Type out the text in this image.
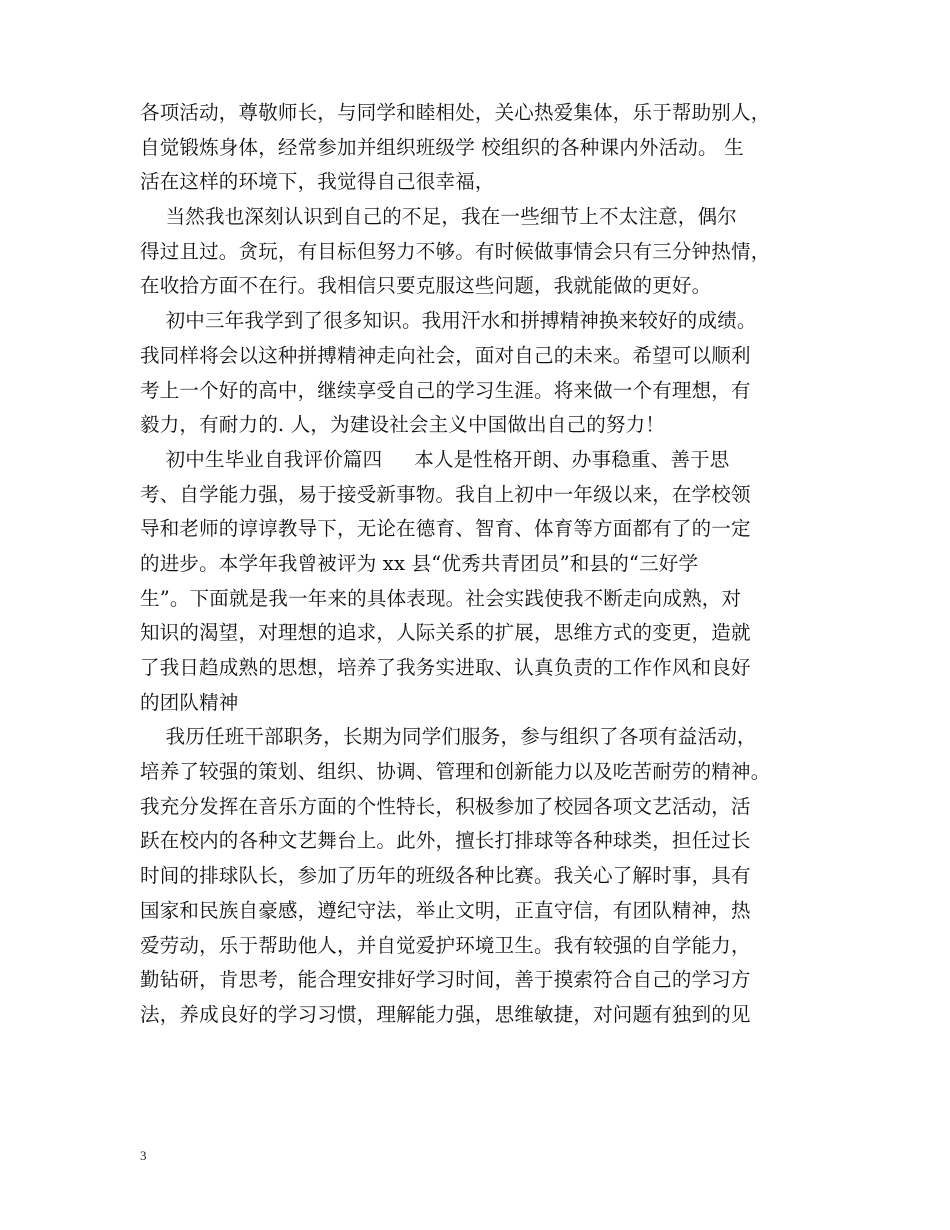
各项活动，尊敬师长，与同学和睦相处，关心热爱集体，乐于帮助别人，
自觉锻炼身体，经常参加并组织班级学 校组织的各种课内外活动。 生
活在这样的环境下，我觉得自己很幸福，
当然我也深刻认识到自己的不足，我在一些细节上不太注意，偶尔
得过且过。贪玩，有目标但努力不够。有时候做事情会只有三分钟热情，
在收拾方面不在行。我相信只要克服这些问题，我就能做的更好。
初中三年我学到了很多知识。我用汗水和拼搏精神换来较好的成绩。
我同样将会以这种拼搏精神走向社会，面对自己的未来。希望可以顺利
考上一个好的高中，继续享受自己的学习生涯。将来做一个有理想，有
毅力，有耐力的. 人，为建设社会主义中国做出自己的努力！
初中生毕业自我评价篇四     本人是性格开朗、办事稳重、善于思
考、自学能力强，易于接受新事物。我自上初中一年级以来，在学校领
导和老师的谆谆教导下，无论在德育、智育、体育等方面都有了的一定
的进步。本学年我曾被评为 xx 县“优秀共青团员”和县的“三好学
生”。下面就是我一年来的具体表现。社会实践使我不断走向成熟，对
知识的渴望，对理想的追求，人际关系的扩展，思维方式的变更，造就
了我日趋成熟的思想，培养了我务实进取、认真负责的工作作风和良好
的团队精神
我历任班干部职务，长期为同学们服务，参与组织了各项有益活动，
培养了较强的策划、组织、协调、管理和创新能力以及吃苦耐劳的精神。
我充分发挥在音乐方面的个性特长，积极参加了校园各项文艺活动，活
跃在校内的各种文艺舞台上。此外，擅长打排球等各种球类，担任过长
时间的排球队长，参加了历年的班级各种比赛。我关心了解时事，具有
国家和民族自豪感，遵纪守法，举止文明，正直守信，有团队精神，热
爱劳动，乐于帮助他人，并自觉爱护环境卫生。我有较强的自学能力，
勤钻研，肯思考，能合理安排好学习时间，善于摸索符合自己的学习方
法，养成良好的学习习惯，理解能力强，思维敏捷，对问题有独到的见
3
